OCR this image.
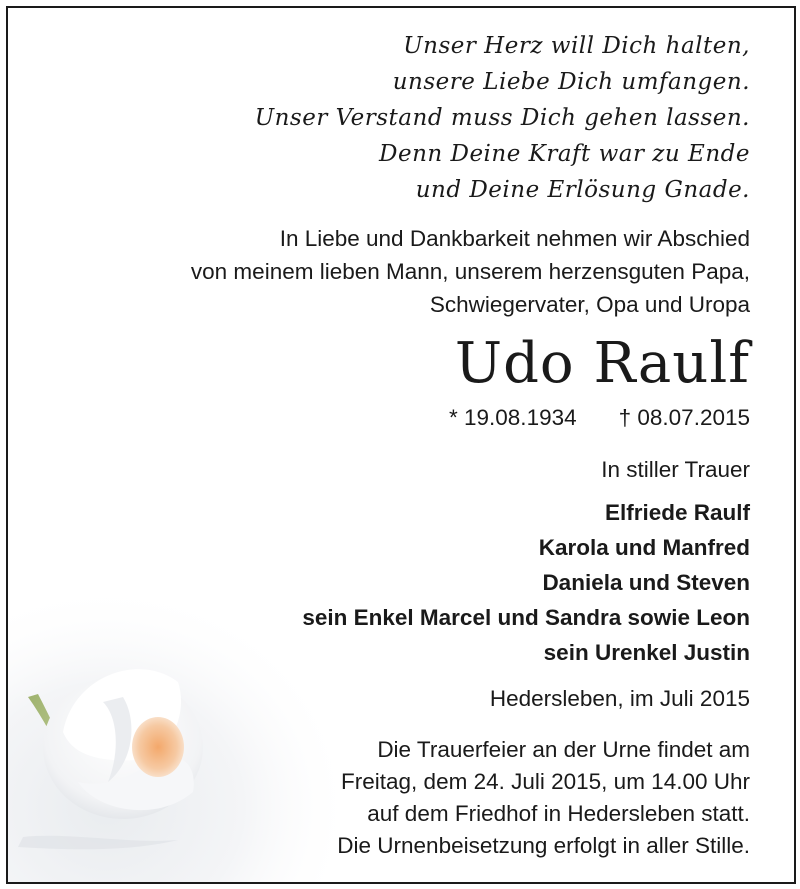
Unser Herz will Dich halten,
unsere Liebe Dich umfangen.
Unser Verstand muss Dich gehen lassen.
Denn Deine Kraft war zu Ende
und Deine Erlösung Gnade.
In Liebe und Dankbarkeit nehmen wir Abschied
von meinem lieben Mann, unserem herzensguten Papa,
Schwiegervater, Opa und Uropa
Udo Raulf
* 19.08.1934 † 08.07.2015
In stiller Trauer
Elfriede Raulf
Karola und Manfred
Daniela und Steven
sein Enkel Marcel und Sandra sowie Leon
sein Urenkel Justin
Hedersleben, im Juli 2015
Die Trauerfeier an der Urne findet am
Freitag, dem 24. Juli 2015, um 14.00 Uhr
auf dem Friedhof in Hedersleben statt.
Die Urnenbeisetzung erfolgt in aller Stille.
